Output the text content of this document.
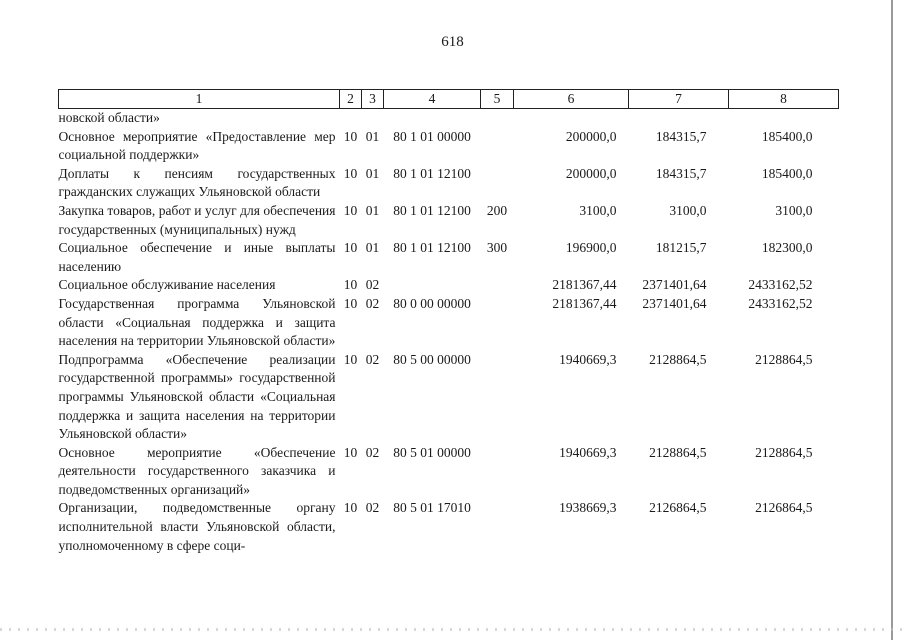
618
1	2	3	4	5	6	7	8
новской области»							
Основное мероприятие «Предоставление мер социальной поддержки»	10	01	80 1 01 00000		200000,0	184315,7	185400,0
Доплаты к пенсиям государственных гражданских служащих Ульяновской области	10	01	80 1 01 12100		200000,0	184315,7	185400,0
Закупка товаров, работ и услуг для обеспечения государственных (муниципальных) нужд	10	01	80 1 01 12100	200	3100,0	3100,0	3100,0
Социальное обеспечение и иные выплаты населению	10	01	80 1 01 12100	300	196900,0	181215,7	182300,0
Социальное обслуживание населения	10	02			2181367,44	2371401,64	2433162,52
Государственная программа Ульяновской области «Социальная поддержка и защита населения на территории Ульяновской области»	10	02	80 0 00 00000		2181367,44	2371401,64	2433162,52
Подпрограмма «Обеспечение реализации государственной программы» государственной программы Ульяновской области «Социальная поддержка и защита населения на территории Ульяновской области»	10	02	80 5 00 00000		1940669,3	2128864,5	2128864,5
Основное мероприятие «Обеспечение деятельности государственного заказчика и подведомственных организаций»	10	02	80 5 01 00000		1940669,3	2128864,5	2128864,5
Организации, подведомственные органу исполнительной власти Ульяновской области, уполномоченному в сфере соци-	10	02	80 5 01 17010		1938669,3	2126864,5	2126864,5
